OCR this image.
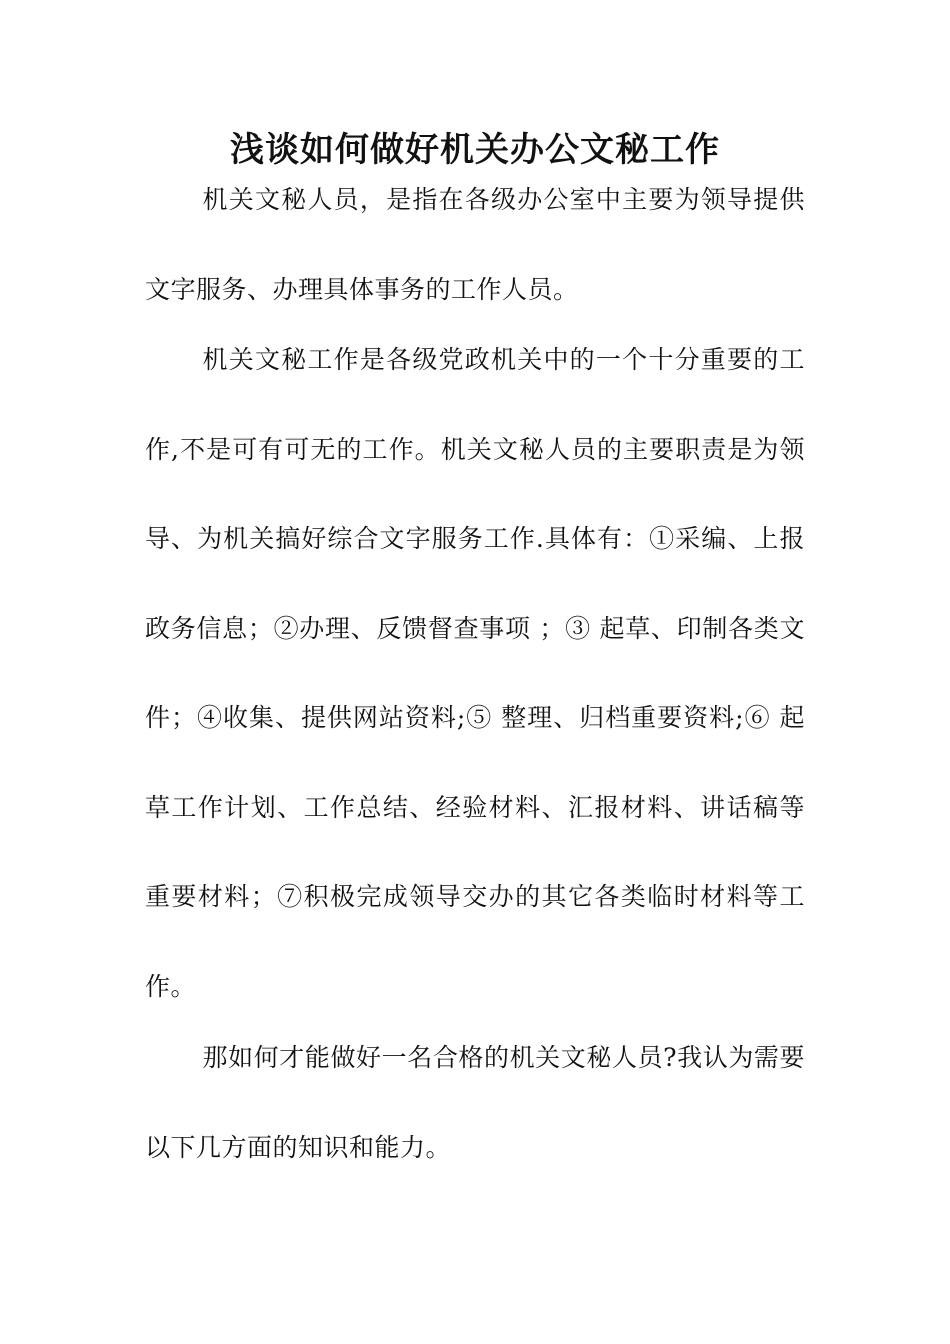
浅谈如何做好机关办公文秘工作

机关文秘人员，是指在各级办公室中主要为领导提供文字服务、办理具体事务的工作人员。

机关文秘工作是各级党政机关中的一个十分重要的工作,不是可有可无的工作。机关文秘人员的主要职责是为领导、为机关搞好综合文字服务工作.具体有：①采编、上报政务信息；②办理、反馈督查事项 ；③ 起草、印制各类文件；④收集、提供网站资料;⑤ 整理、归档重要资料;⑥ 起草工作计划、工作总结、经验材料、汇报材料、讲话稿等重要材料；⑦积极完成领导交办的其它各类临时材料等工作。

那如何才能做好一名合格的机关文秘人员?我认为需要以下几方面的知识和能力。
